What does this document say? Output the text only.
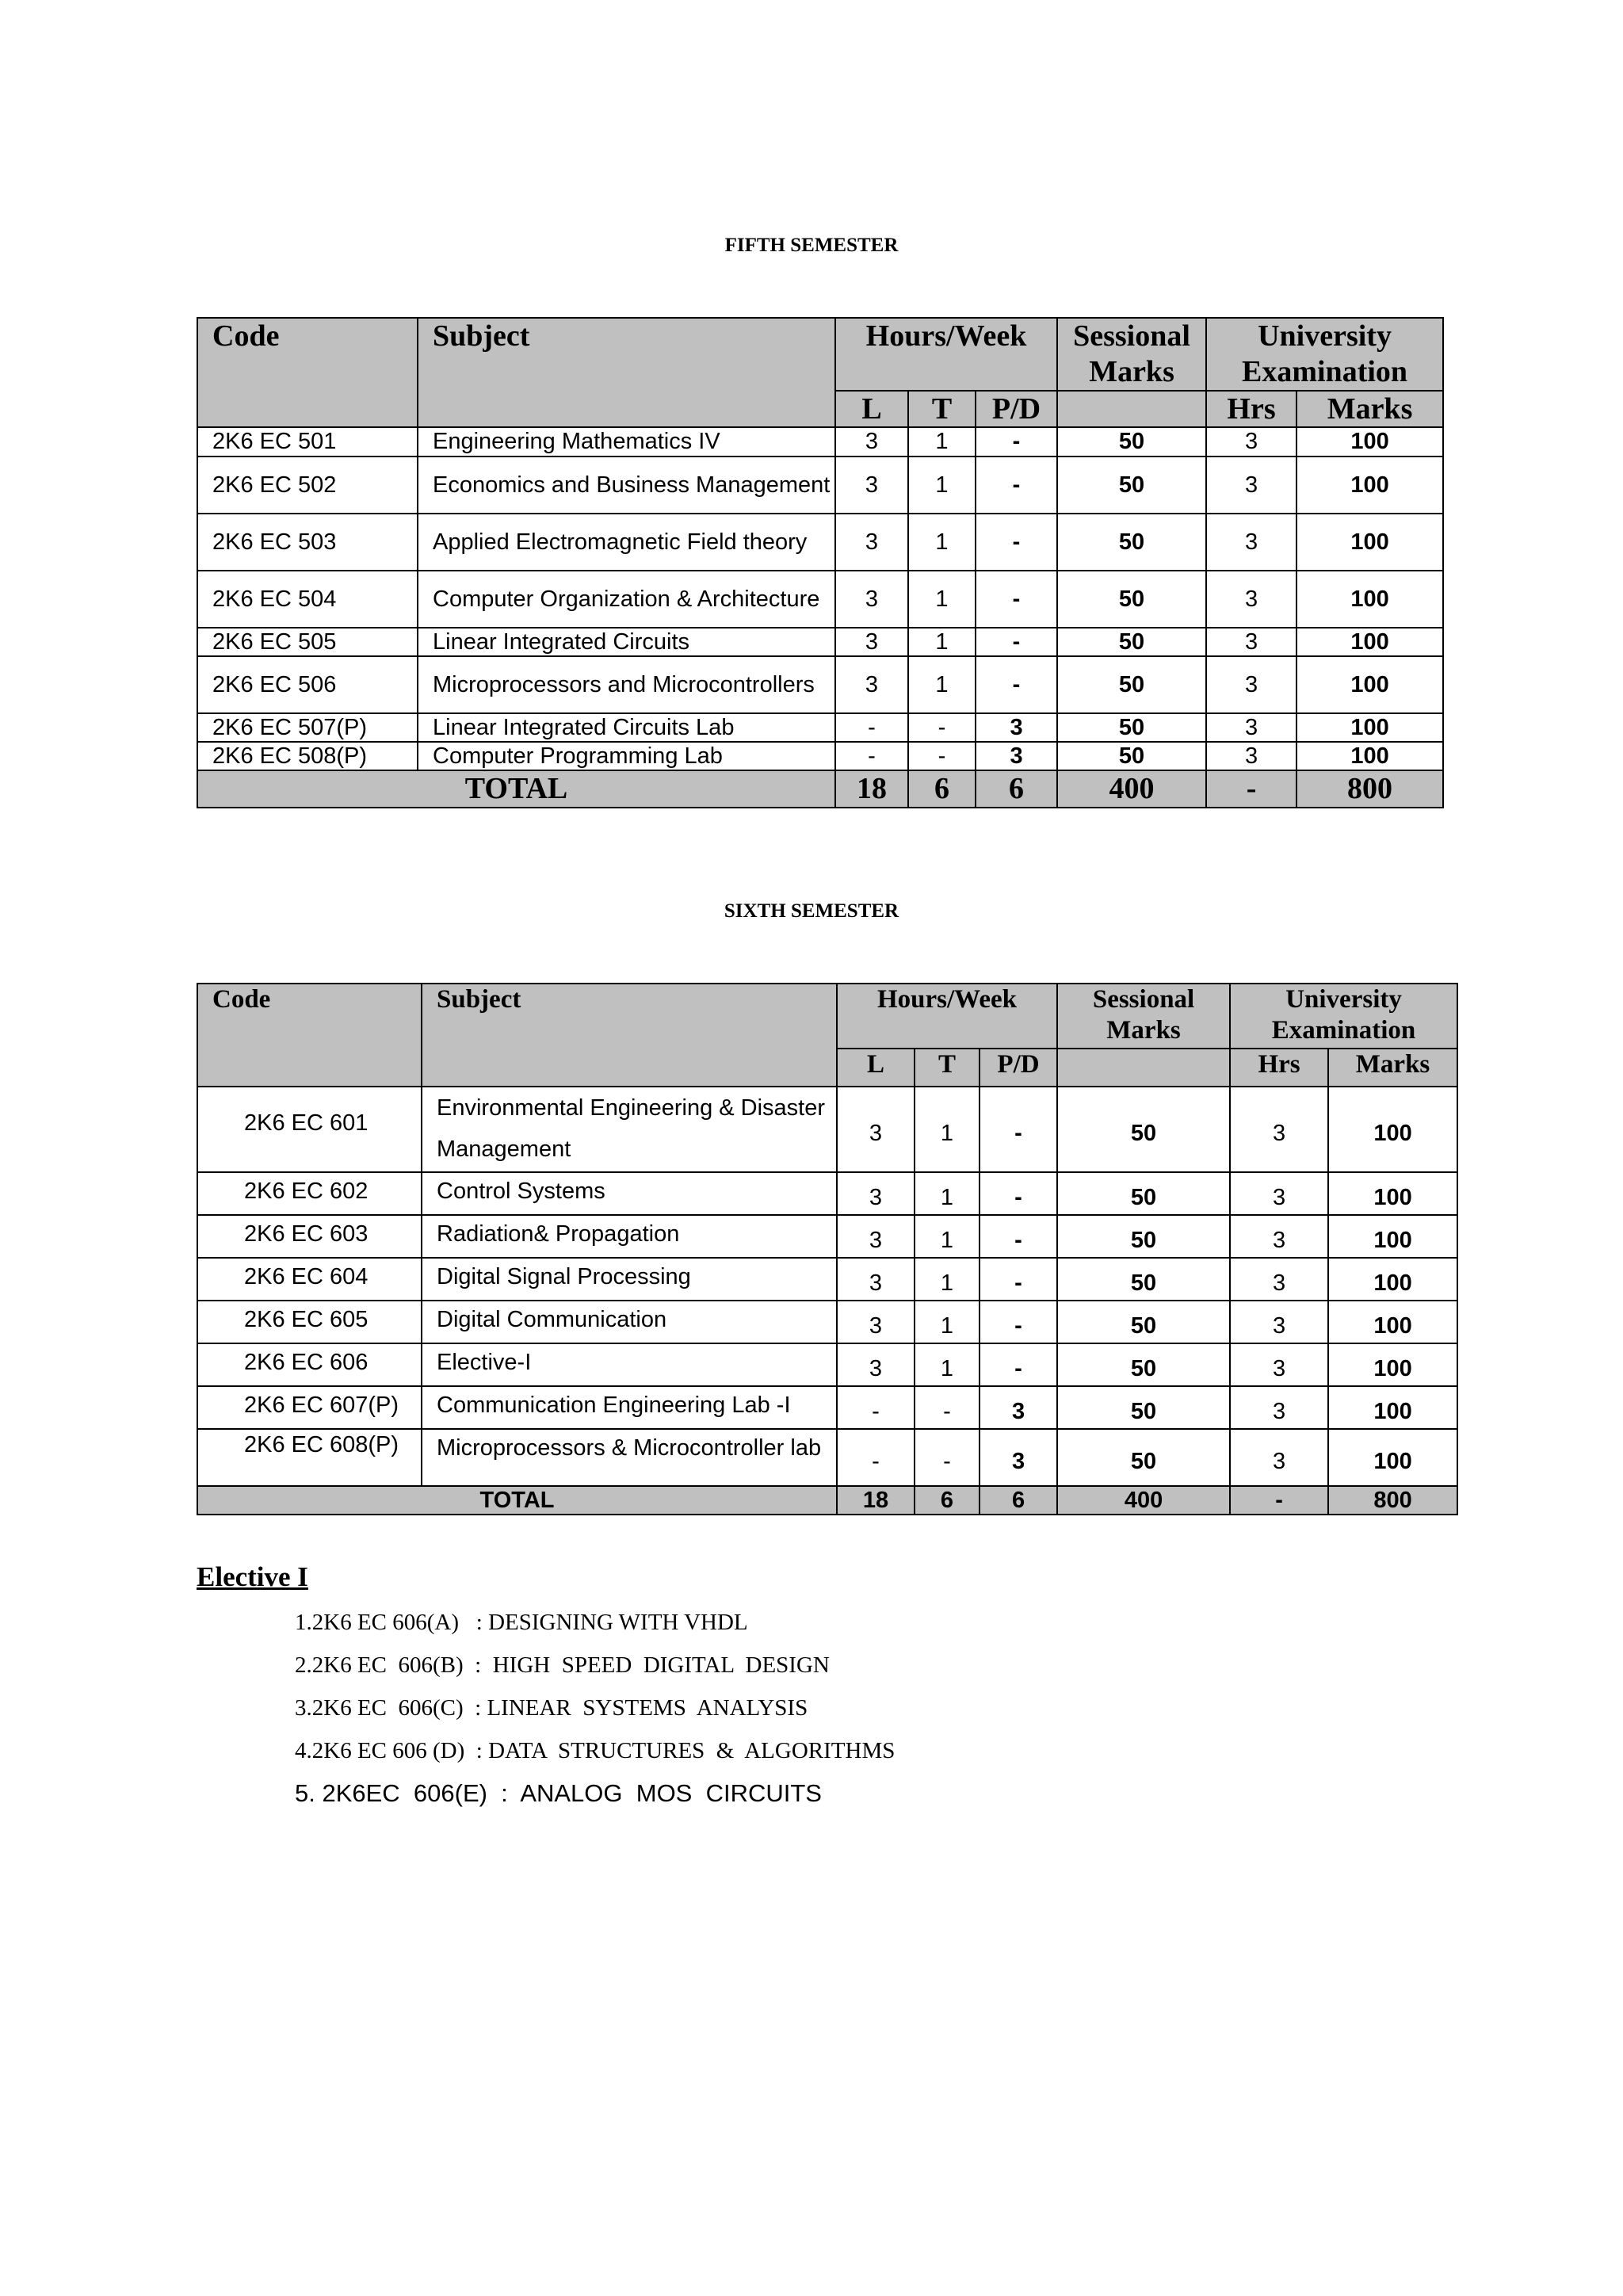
FIFTH SEMESTER
Code	Subject	Hours/Week			Sessional Marks	University Examination	
		L	T	P/D		Hrs	Marks
2K6 EC 501	Engineering Mathematics IV	3	1	-	50	3	100
2K6 EC 502	Economics and Business Management	3	1	-	50	3	100
2K6 EC 503	Applied Electromagnetic Field theory	3	1	-	50	3	100
2K6 EC 504	Computer Organization & Architecture	3	1	-	50	3	100
2K6 EC 505	Linear Integrated Circuits	3	1	-	50	3	100
2K6 EC 506	Microprocessors and Microcontrollers	3	1	-	50	3	100
2K6 EC 507(P)	Linear Integrated Circuits Lab	-	-	3	50	3	100
2K6 EC 508(P)	Computer Programming Lab	-	-	3	50	3	100
TOTAL		18	6	6	400	-	800
SIXTH SEMESTER
Code	Subject	Hours/Week			Sessional Marks	University Examination	
		L	T	P/D		Hrs	Marks
2K6 EC 601	Environmental Engineering & Disaster Management	3	1	-	50	3	100
2K6 EC 602	Control Systems	3	1	-	50	3	100
2K6 EC 603	Radiation& Propagation	3	1	-	50	3	100
2K6 EC 604	Digital Signal Processing	3	1	-	50	3	100
2K6 EC 605	Digital Communication	3	1	-	50	3	100
2K6 EC 606	Elective-I	3	1	-	50	3	100
2K6 EC 607(P)	Communication Engineering Lab -I	-	-	3	50	3	100
2K6 EC 608(P)	Microprocessors & Microcontroller lab	-	-	3	50	3	100
TOTAL		18	6	6	400	-	800
Elective I
1.2K6 EC 606(A)   : DESIGNING WITH VHDL
2.2K6 EC  606(B)  :  HIGH  SPEED  DIGITAL  DESIGN
3.2K6 EC  606(C)  : LINEAR  SYSTEMS  ANALYSIS
4.2K6 EC 606 (D)  : DATA  STRUCTURES  &  ALGORITHMS
5. 2K6EC  606(E)  :  ANALOG  MOS  CIRCUITS
